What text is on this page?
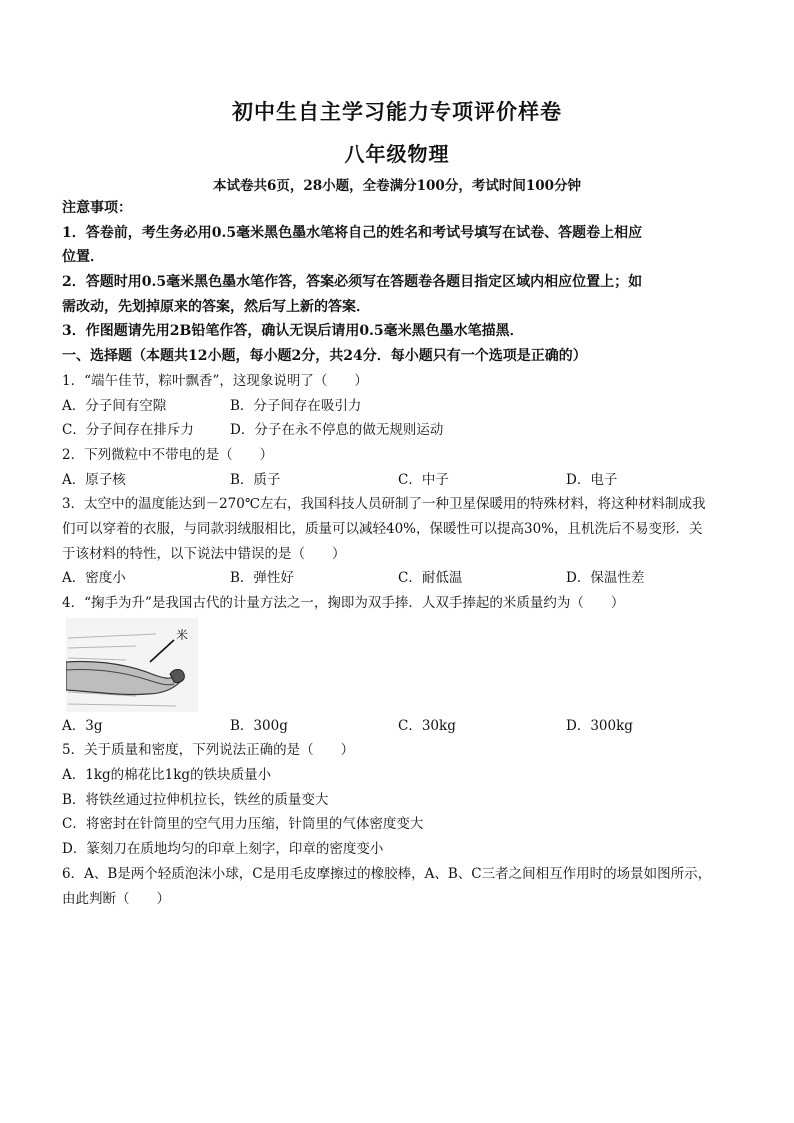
初中生自主学习能力专项评价样卷
八年级物理
本试卷共6页，28小题，全卷满分100分，考试时间100分钟
注意事项：
1．答卷前，考生务必用0.5毫米黑色墨水笔将自己的姓名和考试号填写在试卷、答题卷上相应
位置．
2．答题时用0.5毫米黑色墨水笔作答，答案必须写在答题卷各题目指定区域内相应位置上；如
需改动，先划掉原来的答案，然后写上新的答案．
3．作图题请先用2B铅笔作答，确认无误后请用0.5毫米黑色墨水笔描黑．
一、选择题（本题共12小题，每小题2分，共24分．每小题只有一个选项是正确的）
1．“端午佳节，粽叶飘香”，这现象说明了（　　）
A．分子间有空隙	B．分子间存在吸引力
C．分子间存在排斥力	D．分子在永不停息的做无规则运动
2．下列微粒中不带电的是（　　）
A．原子核	B．质子	C．中子	D．电子
3．太空中的温度能达到－270℃左右，我国科技人员研制了一种卫星保暖用的特殊材料，将这种材料制成我
们可以穿着的衣服，与同款羽绒服相比，质量可以减轻40%，保暖性可以提高30%，且机洗后不易变形．关
于该材料的特性，以下说法中错误的是（　　）
A．密度小	B．弹性好	C．耐低温	D．保温性差
4．“掬手为升”是我国古代的计量方法之一，掬即为双手捧．人双手捧起的米质量约为（　　）
米
A．3g	B．300g	C．30kg	D．300kg
5．关于质量和密度，下列说法正确的是（　　）
A．1kg的棉花比1kg的铁块质量小
B．将铁丝通过拉伸机拉长，铁丝的质量变大
C．将密封在针筒里的空气用力压缩，针筒里的气体密度变大
D．篆刻刀在质地均匀的印章上刻字，印章的密度变小
6．A、B是两个轻质泡沫小球，C是用毛皮摩擦过的橡胶棒，A、B、C三者之间相互作用时的场景如图所示，
由此判断（　　）
